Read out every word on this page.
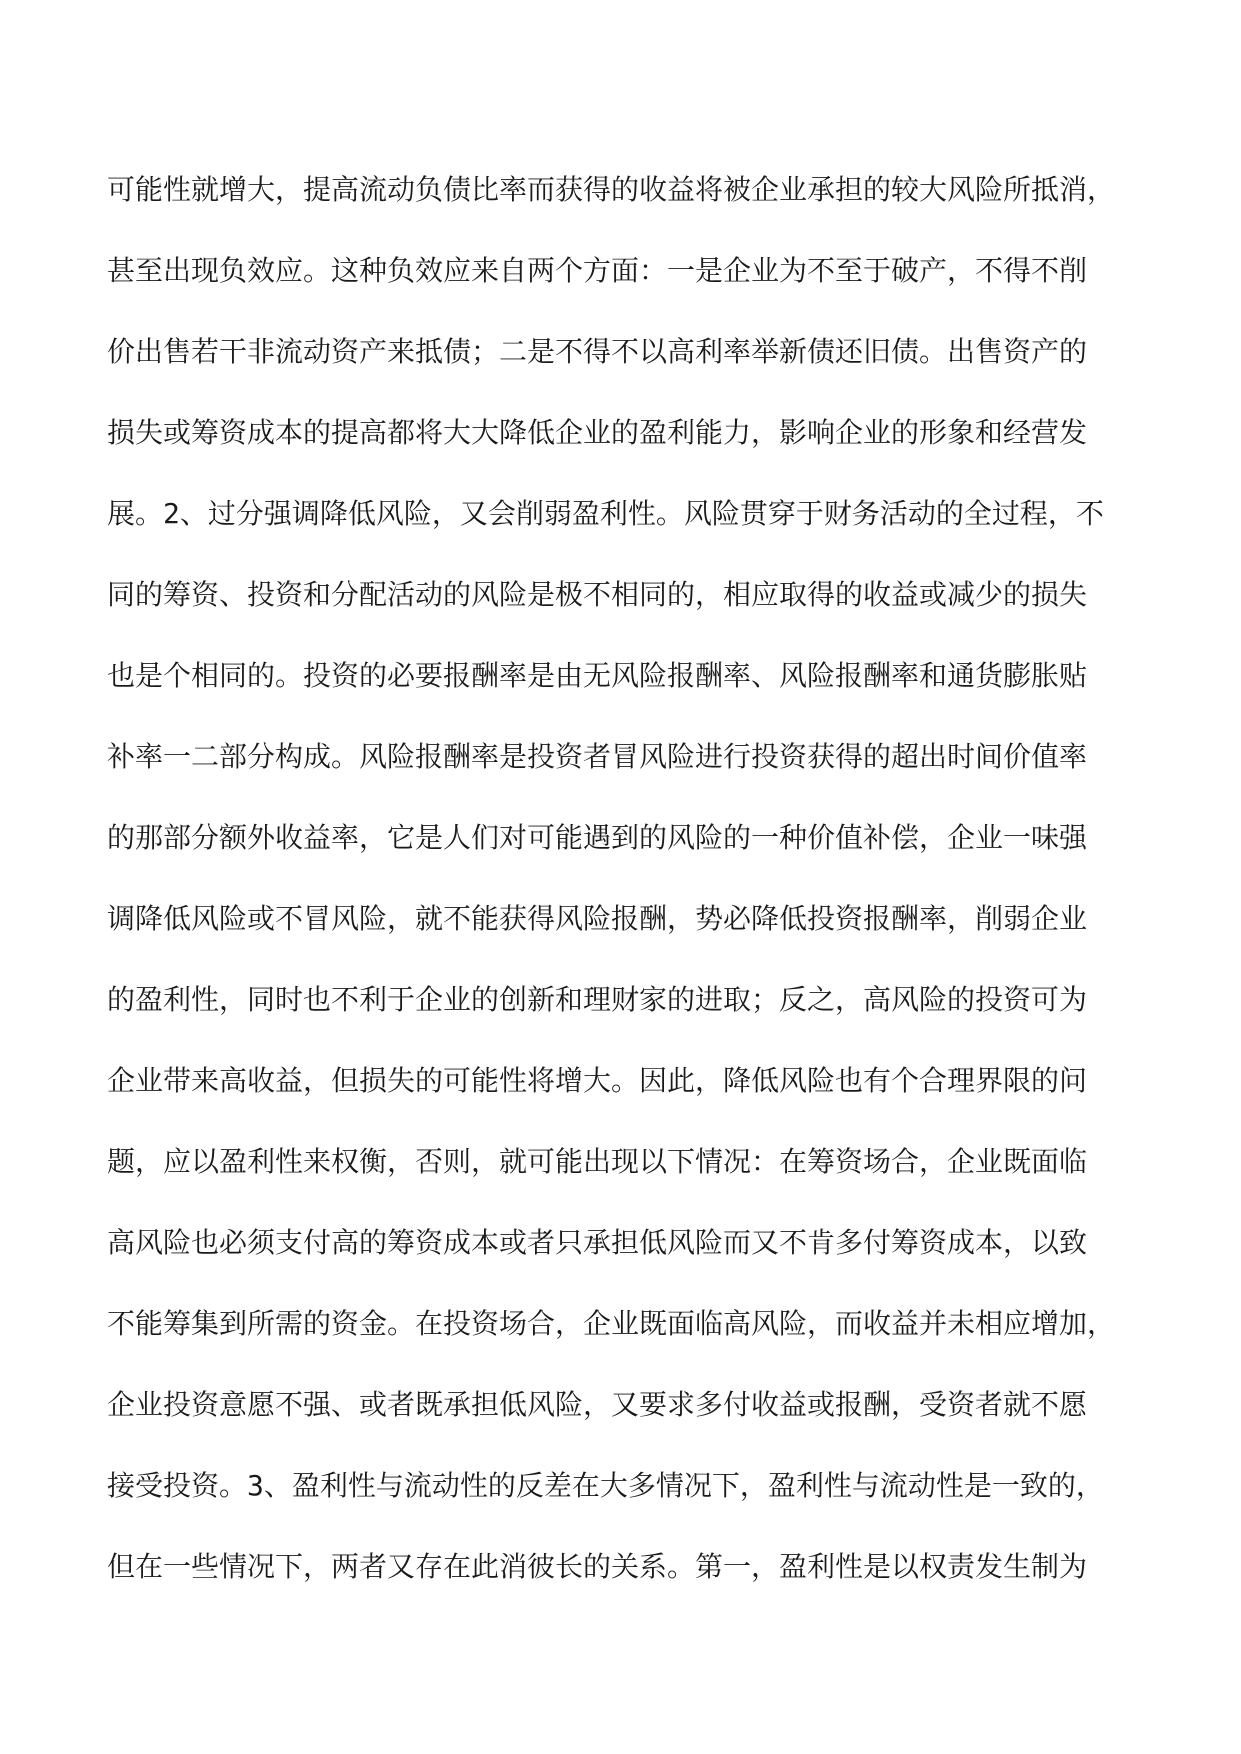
可能性就增大，提高流动负债比率而获得的收益将被企业承担的较大风险所抵消，
甚至出现负效应。这种负效应来自两个方面：一是企业为不至于破产，不得不削
价出售若干非流动资产来抵债；二是不得不以高利率举新债还旧债。出售资产的
损失或筹资成本的提高都将大大降低企业的盈利能力，影响企业的形象和经营发
展。2、过分强调降低风险，又会削弱盈利性。风险贯穿于财务活动的全过程，不
同的筹资、投资和分配活动的风险是极不相同的，相应取得的收益或减少的损失
也是个相同的。投资的必要报酬率是由无风险报酬率、风险报酬率和通货膨胀贴
补率一二部分构成。风险报酬率是投资者冒风险进行投资获得的超出时间价值率
的那部分额外收益率，它是人们对可能遇到的风险的一种价值补偿，企业一味强
调降低风险或不冒风险，就不能获得风险报酬，势必降低投资报酬率，削弱企业
的盈利性，同时也不利于企业的创新和理财家的进取；反之，高风险的投资可为
企业带来高收益，但损失的可能性将增大。因此，降低风险也有个合理界限的问
题，应以盈利性来权衡，否则，就可能出现以下情况：在筹资场合，企业既面临
高风险也必须支付高的筹资成本或者只承担低风险而又不肯多付筹资成本，以致
不能筹集到所需的资金。在投资场合，企业既面临高风险，而收益并未相应增加，
企业投资意愿不强、或者既承担低风险，又要求多付收益或报酬，受资者就不愿
接受投资。3、盈利性与流动性的反差在大多情况下，盈利性与流动性是一致的，
但在一些情况下，两者又存在此消彼长的关系。第一，盈利性是以权责发生制为
